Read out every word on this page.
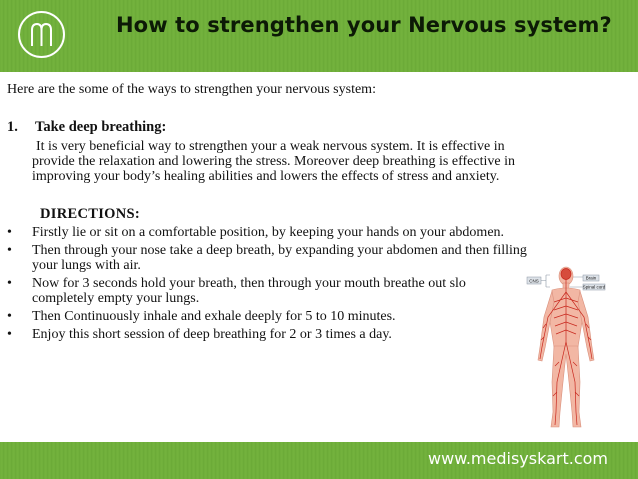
How to strengthen your Nervous system?
Here are the some of the ways to strengthen your nervous system:
1. Take deep breathing:
It is very beneficial way to strengthen your a weak nervous system. It is effective in
provide the relaxation and lowering the stress. Moreover deep breathing is effective in
improving your body’s healing abilities and lowers the effects of stress and anxiety.
DIRECTIONS:
• Firstly lie or sit on a comfortable position, by keeping your hands on your abdomen.
• Then through your nose take a deep breath, by expanding your abdomen and then filling
your lungs with air.
• Now for 3 seconds hold your breath, then through your mouth breathe out slo
completely empty your lungs.
• Then Continuously inhale and exhale deeply for 5 to 10 minutes.
• Enjoy this short session of deep breathing for 2 or 3 times a day.
CNS
Brain
Spinal cord
www.medisyskart.com
